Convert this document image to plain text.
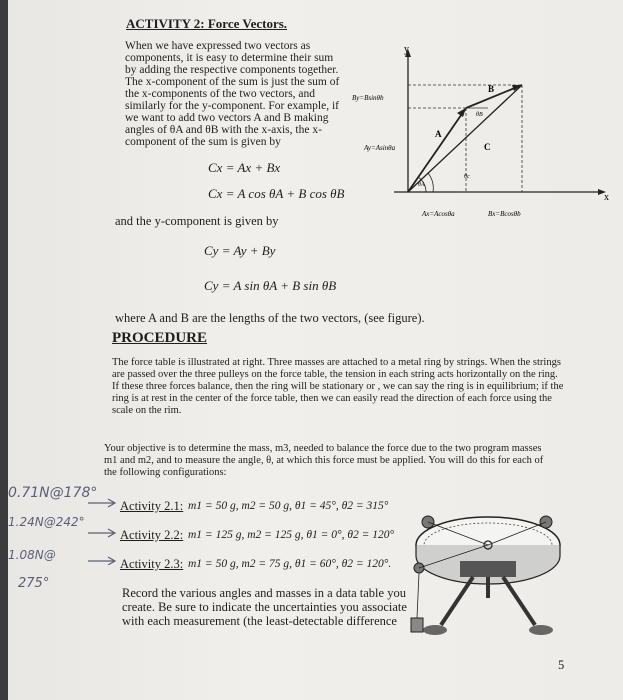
ACTIVITY 2: Force Vectors.
When we have expressed two vectors as
components, it is easy to determine their sum
by adding the respective components together.
The x-component of the sum is just the sum of
the x-components of the two vectors, and
similarly for the y-component. For example, if
we want to add two vectors A and B making
angles of θA and θB with the x-axis, the x-
component of the sum is given by
Cx = Ax + Bx
Cx = A cos θA + B cos θB
y
x
B
A
C
By=Bsinθb
Ay=Asinθa
Ax=Acosθa	Bx=Bcosθb
θA
θB
θc
and the y-component is given by
Cy = Ay + By
Cy = A sin θA + B sin θB
where A and B are the lengths of the two vectors, (see figure).
PROCEDURE
The force table is illustrated at right. Three masses are attached to a metal ring by strings. When the strings
are passed over the three pulleys on the force table, the tension in each string acts horizontally on the ring.
If these three forces balance, then the ring will be stationary or , we can say the ring is in equilibrium; if the
ring is at rest in the center of the force table, then we can easily read the direction of each force using the
scale on the rim.
Your objective is to determine the mass, m3, needed to balance the force due to the two program masses
m1 and m2, and to measure the angle, θ, at which this force must be applied. You will do this for each of
the following configurations:
Activity 2.1: m1 = 50 g, m2 = 50 g, θ1 = 45°, θ2 = 315°
Activity 2.2: m1 = 125 g, m2 = 125 g, θ1 = 0°, θ2 = 120°
Activity 2.3: m1 = 50 g, m2 = 75 g, θ1 = 60°, θ2 = 120°.
Record the various angles and masses in a data table you
create. Be sure to indicate the uncertainties you associate
with each measurement (the least-detectable difference
0.71N@178°
1.24N@242°
1.08N@
275°
5
